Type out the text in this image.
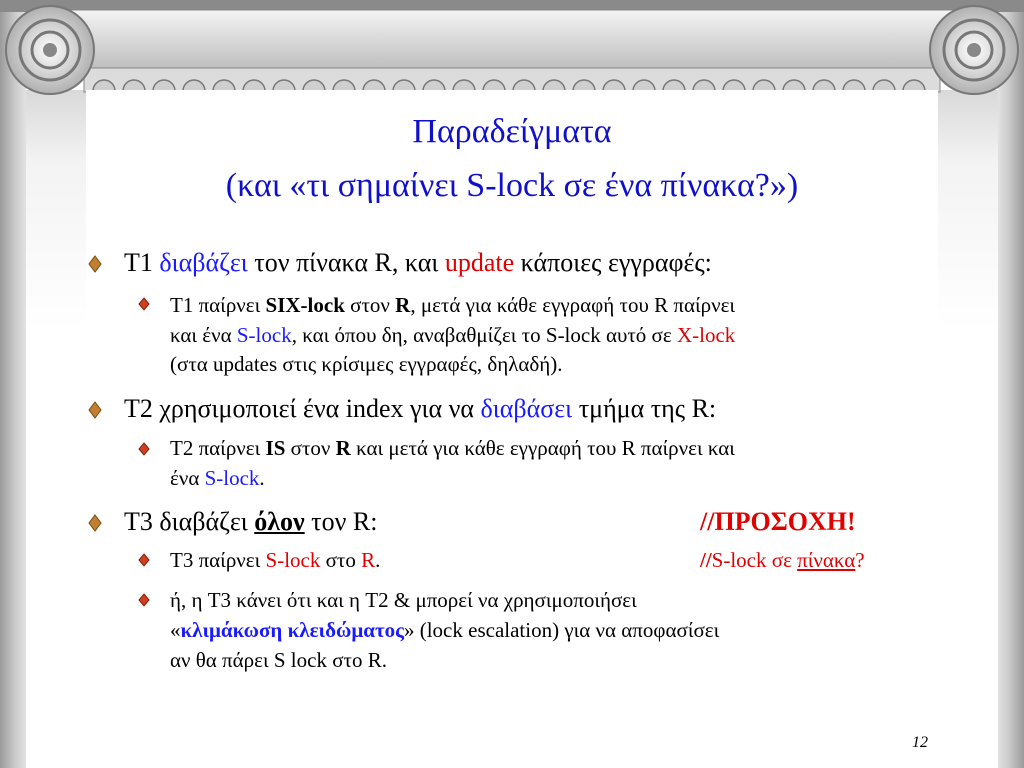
Παραδείγματα
(και «τι σημαίνει S-lock σε ένα πίνακα?»)
T1 διαβάζει τον πίνακα R, και update κάποιες εγγραφές:
T1 παίρνει SIX-lock στον R, μετά για κάθε εγγραφή του R παίρνει
και ένα S-lock, και όπου δη, αναβαθμίζει το S-lock αυτό σε X-lock
(στα updates στις κρίσιμες εγγραφές, δηλαδή).
T2 χρησιμοποιεί ένα index για να διαβάσει τμήμα της R:
T2 παίρνει IS στον R και μετά για κάθε εγγραφή του R παίρνει και
ένα S-lock.
T3 διαβάζει όλον τον R:	//ΠΡΟΣΟΧΗ!
T3 παίρνει S-lock στο R.	//S-lock σε πίνακα?
ή, η T3 κάνει ότι και η T2 & μπορεί να χρησιμοποιήσει
«κλιμάκωση κλειδώματος» (lock escalation) για να αποφασίσει
αν θα πάρει S lock στο R.
12
